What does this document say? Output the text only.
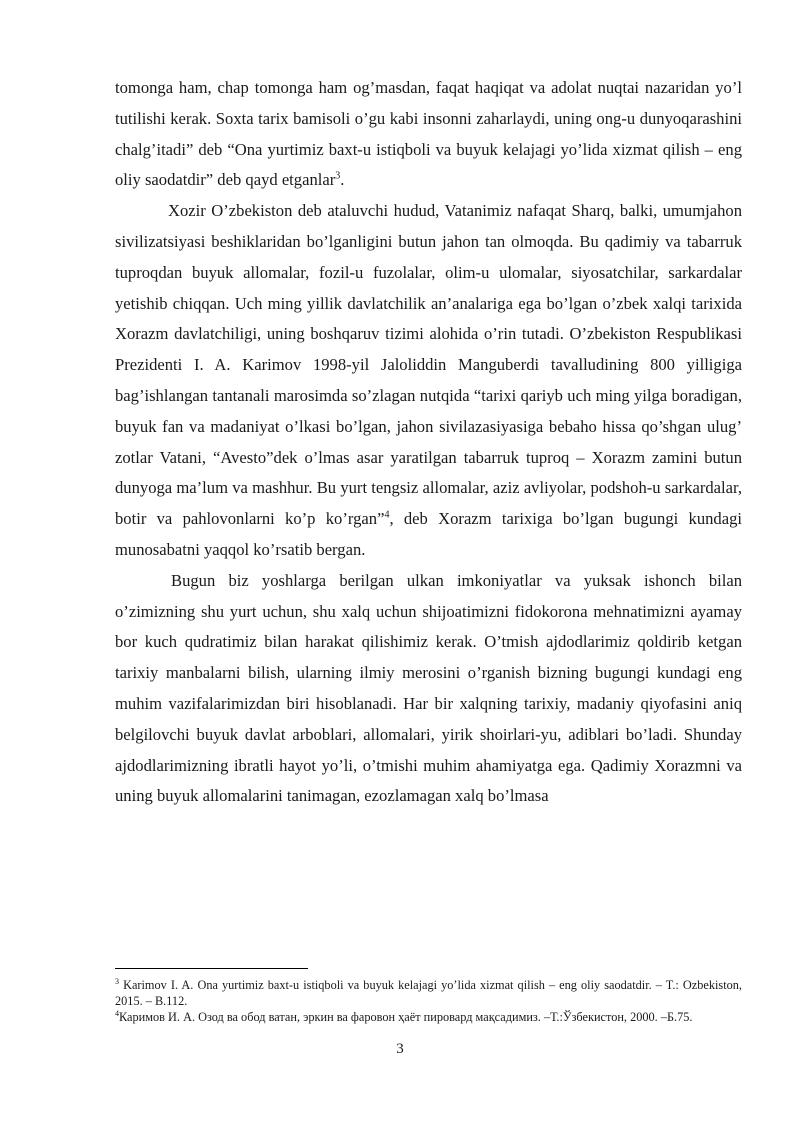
tomonga ham, chap tomonga ham og’masdan, faqat haqiqat va adolat nuqtai nazaridan yo’l tutilishi kerak. Soxta tarix bamisoli o’gu kabi insonni zaharlaydi, uning ong-u dunyoqarashini chalg’itadi” deb “Ona yurtimiz baxt-u istiqboli va buyuk kelajagi yo’lida xizmat qilish – eng oliy saodatdir” deb qayd etganlar$^3$.

Xozir O’zbekiston deb ataluvchi hudud, Vatanimiz nafaqat Sharq, balki, umumjahon sivilizatsiyasi beshiklaridan bo’lganligini butun jahon tan olmoqda. Bu qadimiy va tabarruk tuproqdan buyuk allomalar, fozil-u fuzolalar, olim-u ulomalar, siyosatchilar, sarkardalar yetishib chiqqan. Uch ming yillik davlatchilik an’analariga ega bo’lgan o’zbek xalqi tarixida Xorazm davlatchiligi, uning boshqaruv tizimi alohida o’rin tutadi. O’zbekiston Respublikasi Prezidenti I. A. Karimov 1998-yil Jaloliddin Manguberdi tavalludining 800 yilligiga bag’ishlangan tantanali marosimda so’zlagan nutqida “tarixi qariyb uch ming yilga boradigan, buyuk fan va madaniyat o’lkasi bo’lgan, jahon sivilazasiyasiga bebaho hissa qo’shgan ulug’ zotlar Vatani, “Avesto”dek o’lmas asar yaratilgan tabarruk tuproq – Xorazm zamini butun dunyoga ma’lum va mashhur. Bu yurt tengsiz allomalar, aziz avliyolar, podshoh-u sarkardalar, botir va pahlovonlarni ko’p ko’rgan”$^4$, deb Xorazm tarixiga bo’lgan bugungi kundagi munosabatni yaqqol ko’rsatib bergan.

Bugun biz yoshlarga berilgan ulkan imkoniyatlar va yuksak ishonch bilan o’zimizning shu yurt uchun, shu xalq uchun shijoatimizni fidokorona mehnatimizni ayamay bor kuch qudratimiz bilan harakat qilishimiz kerak. O’tmish ajdodlarimiz qoldirib ketgan tarixiy manbalarni bilish, ularning ilmiy merosini o’rganish bizning bugungi kundagi eng muhim vazifalarimizdan biri hisoblanadi. Har bir xalqning tarixiy, madaniy qiyofasini aniq belgilovchi buyuk davlat arboblari, allomalari, yirik shoirlari-yu, adiblari bo’ladi. Shunday ajdodlarimizning ibratli hayot yo’li, o’tmishi muhim ahamiyatga ega. Qadimiy Xorazmni va uning buyuk allomalarini tanimagan, ezozlamagan xalq bo’lmasa

$^3$ Karimov I. A. Ona yurtimiz baxt-u istiqboli va buyuk kelajagi yo’lida xizmat qilish – eng oliy saodatdir. – T.: Ozbekiston, 2015. – B.112.

$^4$Каримов И. А. Озод ва обод ватан, эркин ва фаровон ҳаёт пировард мақсадимиз. –Т.:Ўзбекистон, 2000. –Б.75.

3
